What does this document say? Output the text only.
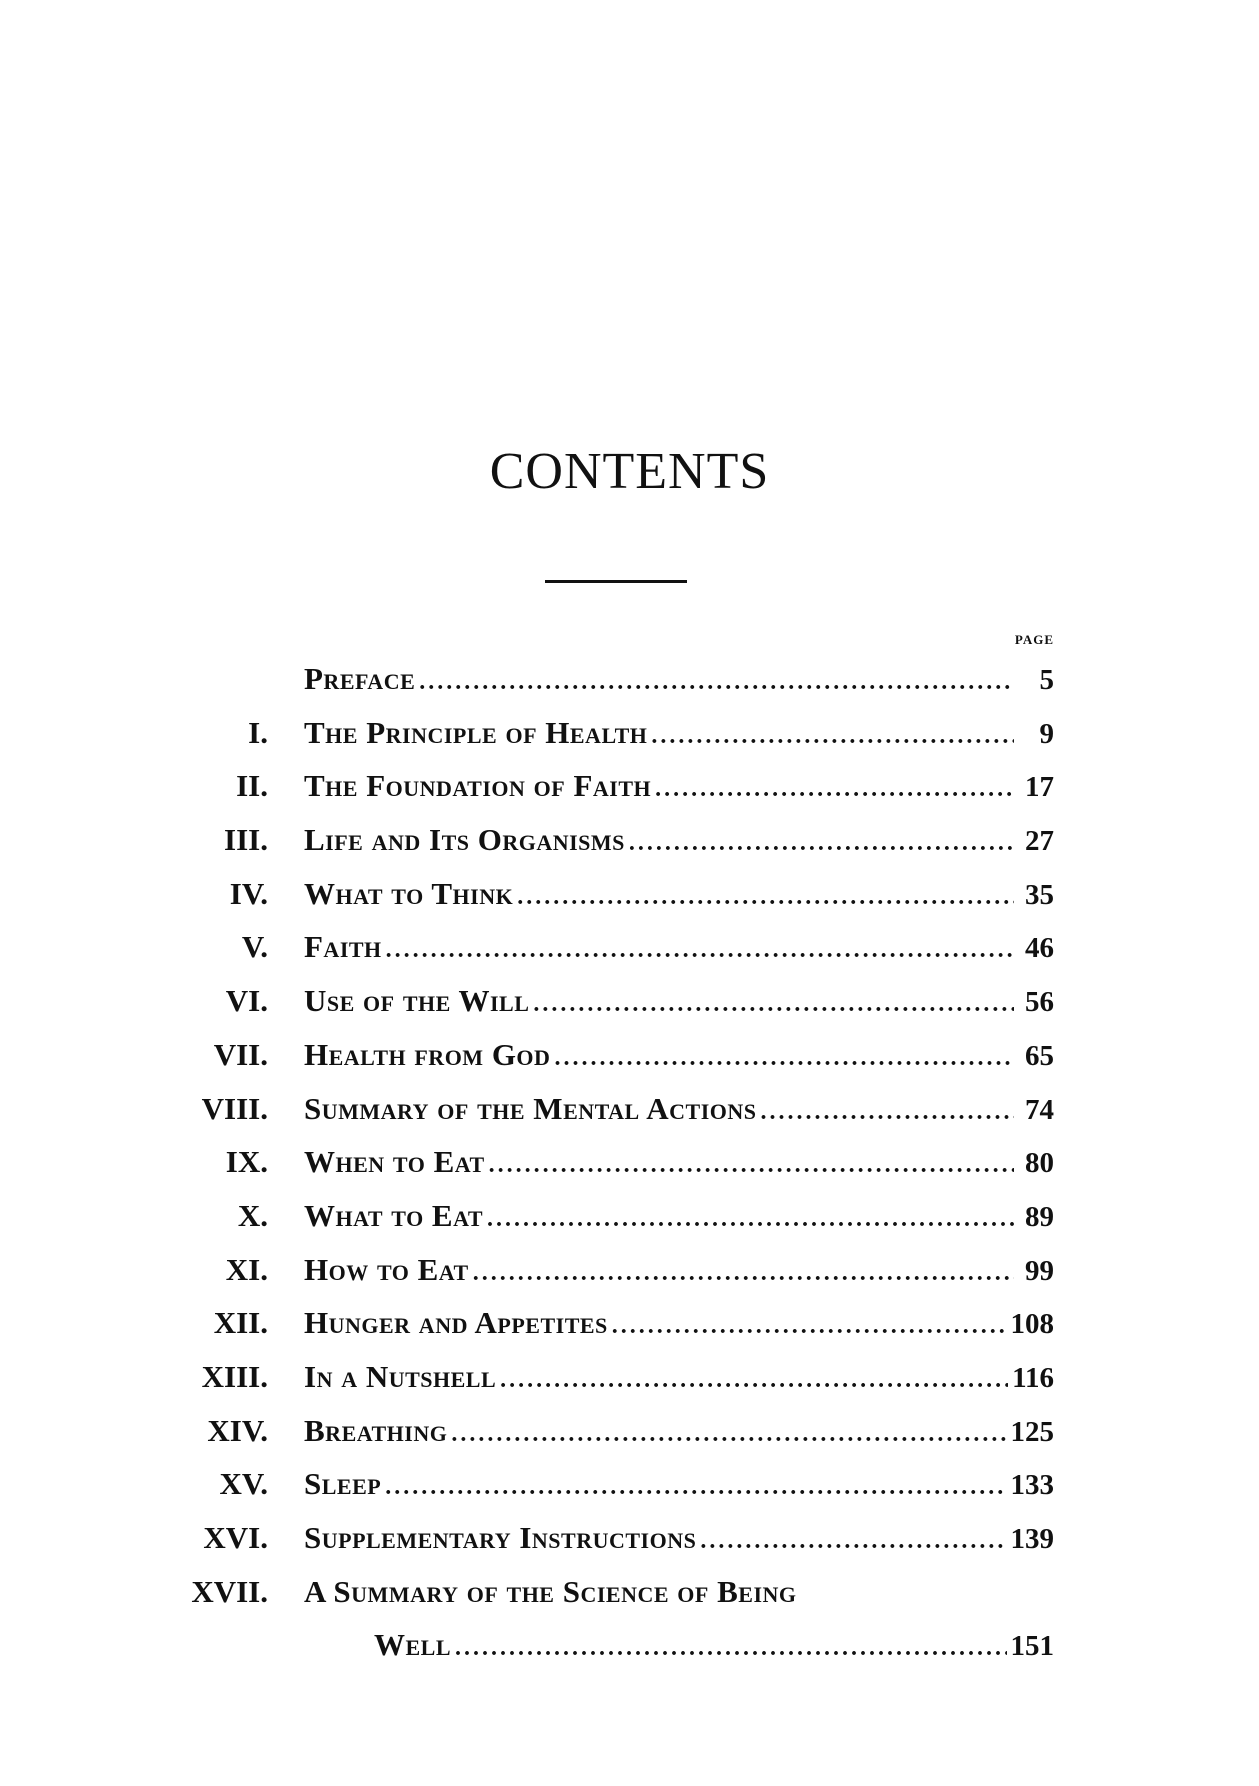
CONTENTS
PAGE
Preface .....	5
I.	The Principle of Health .....	9
II.	The Foundation of Faith .....	17
III.	Life and Its Organisms .....	27
IV.	What to Think .....	35
V.	Faith .....	46
VI.	Use of the Will .....	56
VII.	Health from God .....	65
VIII.	Summary of the Mental Actions .....	74
IX.	When to Eat .....	80
X.	What to Eat .....	89
XI.	How to Eat .....	99
XII.	Hunger and Appetites .....	108
XIII.	In a Nutshell .....	116
XIV.	Breathing .....	125
XV.	Sleep .....	133
XVI.	Supplementary Instructions .....	139
XVII.	A Summary of the Science of Being
Well .....	151
